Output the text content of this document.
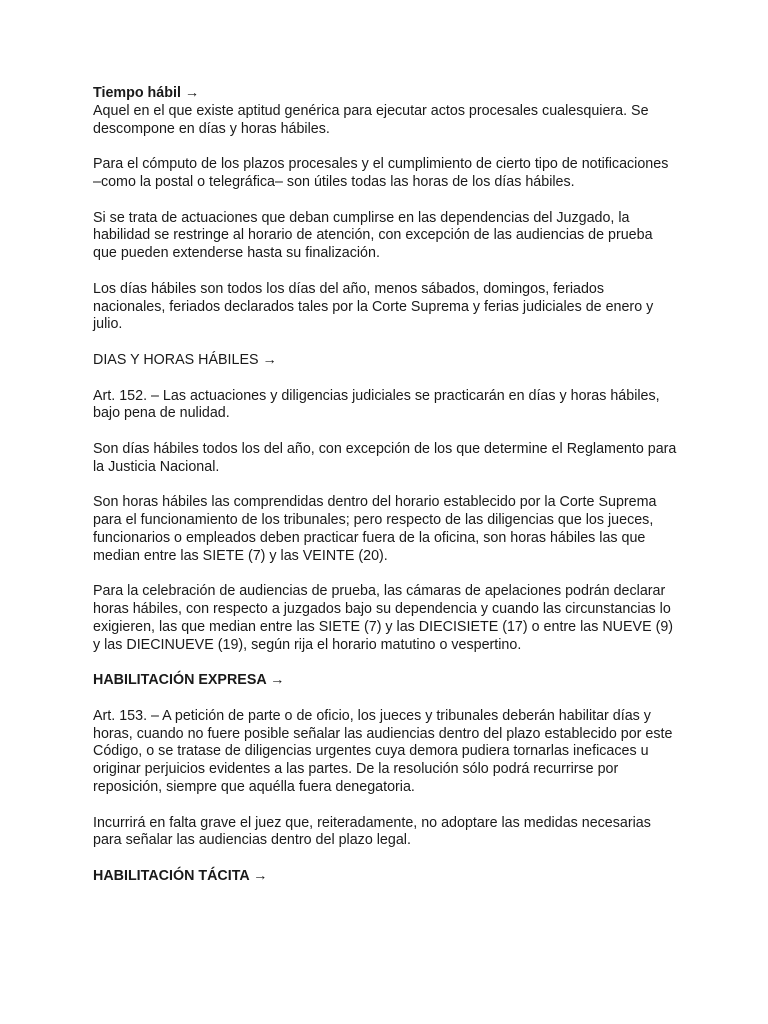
Tiempo hábil →
Aquel en el que existe aptitud genérica para ejecutar actos procesales cualesquiera. Se
descompone en días y horas hábiles.
Para el cómputo de los plazos procesales y el cumplimiento de cierto tipo de notificaciones
–como la postal o telegráfica– son útiles todas las horas de los días hábiles.
Si se trata de actuaciones que deban cumplirse en las dependencias del Juzgado, la
habilidad se restringe al horario de atención, con excepción de las audiencias de prueba
que pueden extenderse hasta su finalización.
Los días hábiles son todos los días del año, menos sábados, domingos, feriados
nacionales, feriados declarados tales por la Corte Suprema y ferias judiciales de enero y
julio.
DIAS Y HORAS HÁBILES →
Art. 152. – Las actuaciones y diligencias judiciales se practicarán en días y horas hábiles,
bajo pena de nulidad.
Son días hábiles todos los del año, con excepción de los que determine el Reglamento para
la Justicia Nacional.
Son horas hábiles las comprendidas dentro del horario establecido por la Corte Suprema
para el funcionamiento de los tribunales; pero respecto de las diligencias que los jueces,
funcionarios o empleados deben practicar fuera de la oficina, son horas hábiles las que
median entre las SIETE (7) y las VEINTE (20).
Para la celebración de audiencias de prueba, las cámaras de apelaciones podrán declarar
horas hábiles, con respecto a juzgados bajo su dependencia y cuando las circunstancias lo
exigieren, las que median entre las SIETE (7) y las DIECISIETE (17) o entre las NUEVE (9)
y las DIECINUEVE (19), según rija el horario matutino o vespertino.
HABILITACIÓN EXPRESA →
Art. 153. – A petición de parte o de oficio, los jueces y tribunales deberán habilitar días y
horas, cuando no fuere posible señalar las audiencias dentro del plazo establecido por este
Código, o se tratase de diligencias urgentes cuya demora pudiera tornarlas ineficaces u
originar perjuicios evidentes a las partes. De la resolución sólo podrá recurrirse por
reposición, siempre que aquélla fuera denegatoria.
Incurrirá en falta grave el juez que, reiteradamente, no adoptare las medidas necesarias
para señalar las audiencias dentro del plazo legal.
HABILITACIÓN TÁCITA →
